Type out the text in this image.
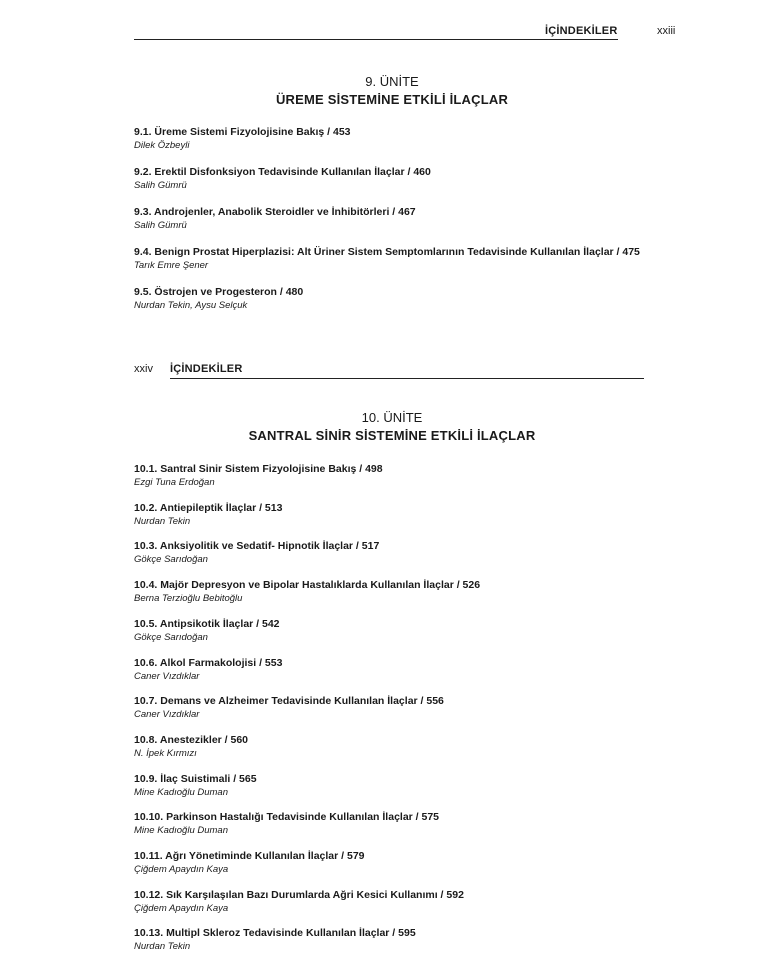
İÇİNDEKİLER	xxiii
9. ÜNİTE
ÜREME SİSTEMİNE ETKİLİ İLAÇLAR
9.1. Üreme Sistemi Fizyolojisine Bakış / 453
Dilek Özbeyli
9.2. Erektil Disfonksiyon Tedavisinde Kullanılan İlaçlar / 460
Salih Gümrü
9.3. Androjenler, Anabolik Steroidler ve İnhibitörleri / 467
Salih Gümrü
9.4. Benign Prostat Hiperplazisi: Alt Üriner Sistem Semptomlarının Tedavisinde Kullanılan İlaçlar / 475
Tarık Emre Şener
9.5. Östrojen ve Progesteron / 480
Nurdan Tekin, Aysu Selçuk
xxiv İÇİNDEKİLER
10. ÜNİTE
SANTRAL SİNİR SİSTEMİNE ETKİLİ İLAÇLAR
10.1. Santral Sinir Sistem Fizyolojisine Bakış / 498
Ezgi Tuna Erdoğan
10.2. Antiepileptik İlaçlar / 513
Nurdan Tekin
10.3. Anksiyolitik ve Sedatif- Hipnotik İlaçlar / 517
Gökçe Sarıdoğan
10.4. Majör Depresyon ve Bipolar Hastalıklarda Kullanılan İlaçlar / 526
Berna Terzioğlu Bebitoğlu
10.5. Antipsikotik İlaçlar / 542
Gökçe Sarıdoğan
10.6. Alkol Farmakolojisi / 553
Caner Vızdıklar
10.7. Demans ve Alzheimer Tedavisinde Kullanılan İlaçlar / 556
Caner Vızdıklar
10.8. Anestezikler / 560
N. İpek Kırmızı
10.9. İlaç Suistimali / 565
Mine Kadıoğlu Duman
10.10. Parkinson Hastalığı Tedavisinde Kullanılan İlaçlar / 575
Mine Kadıoğlu Duman
10.11. Ağrı Yönetiminde Kullanılan İlaçlar / 579
Çiğdem Apaydın Kaya
10.12. Sık Karşılaşılan Bazı Durumlarda Ağri Kesici Kullanımı / 592
Çiğdem Apaydın Kaya
10.13. Multipl Skleroz Tedavisinde Kullanılan İlaçlar / 595
Nurdan Tekin
